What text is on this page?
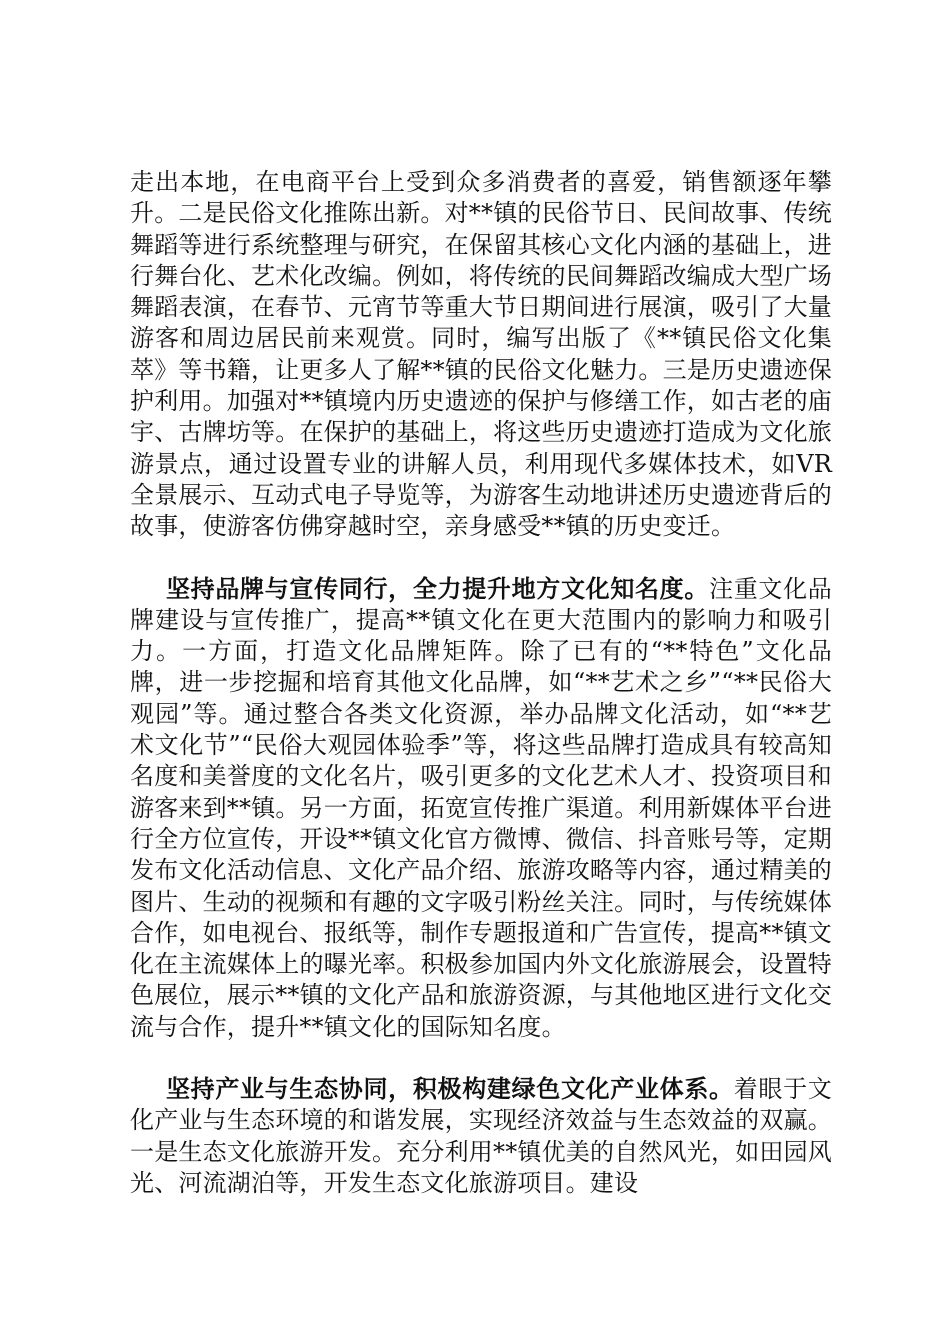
走出本地，在电商平台上受到众多消费者的喜爱，销售额逐年攀升。二是民俗文化推陈出新。对**镇的民俗节日、民间故事、传统舞蹈等进行系统整理与研究，在保留其核心文化内涵的基础上，进行舞台化、艺术化改编。例如，将传统的民间舞蹈改编成大型广场舞蹈表演，在春节、元宵节等重大节日期间进行展演，吸引了大量游客和周边居民前来观赏。同时，编写出版了《**镇民俗文化集萃》等书籍，让更多人了解**镇的民俗文化魅力。三是历史遗迹保护利用。加强对**镇境内历史遗迹的保护与修缮工作，如古老的庙宇、古牌坊等。在保护的基础上，将这些历史遗迹打造成为文化旅游景点，通过设置专业的讲解人员，利用现代多媒体技术，如VR全景展示、互动式电子导览等，为游客生动地讲述历史遗迹背后的故事，使游客仿佛穿越时空，亲身感受**镇的历史变迁。

坚持品牌与宣传同行，全力提升地方文化知名度。注重文化品牌建设与宣传推广，提高**镇文化在更大范围内的影响力和吸引力。一方面，打造文化品牌矩阵。除了已有的“**特色”文化品牌，进一步挖掘和培育其他文化品牌，如“**艺术之乡”“**民俗大观园”等。通过整合各类文化资源，举办品牌文化活动，如“**艺术文化节”“民俗大观园体验季”等，将这些品牌打造成具有较高知名度和美誉度的文化名片，吸引更多的文化艺术人才、投资项目和游客来到**镇。另一方面，拓宽宣传推广渠道。利用新媒体平台进行全方位宣传，开设**镇文化官方微博、微信、抖音账号等，定期发布文化活动信息、文化产品介绍、旅游攻略等内容，通过精美的图片、生动的视频和有趣的文字吸引粉丝关注。同时，与传统媒体合作，如电视台、报纸等，制作专题报道和广告宣传，提高**镇文化在主流媒体上的曝光率。积极参加国内外文化旅游展会，设置特色展位，展示**镇的文化产品和旅游资源，与其他地区进行文化交流与合作，提升**镇文化的国际知名度。

坚持产业与生态协同，积极构建绿色文化产业体系。着眼于文化产业与生态环境的和谐发展，实现经济效益与生态效益的双赢。一是生态文化旅游开发。充分利用**镇优美的自然风光，如田园风光、河流湖泊等，开发生态文化旅游项目。建设
